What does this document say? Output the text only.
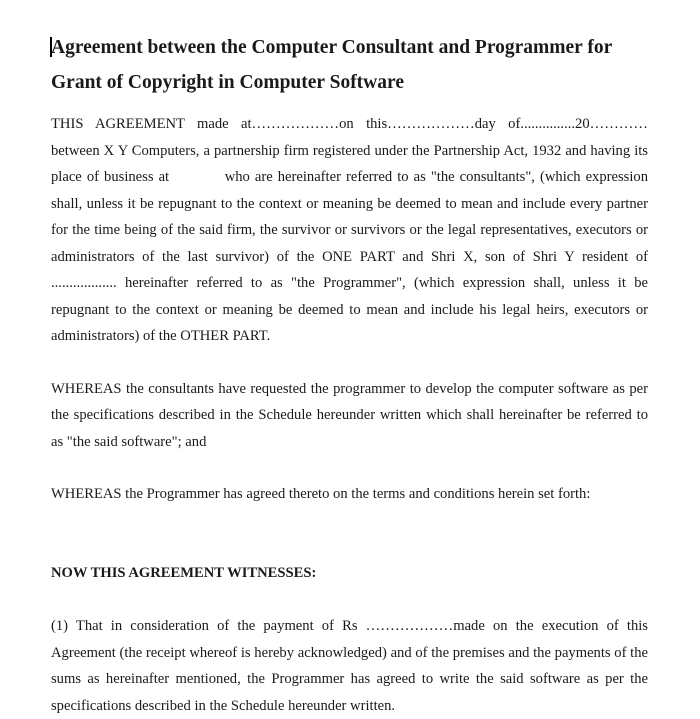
Agreement between the Computer Consultant and Programmer for
Grant of Copyright in Computer Software

THIS AGREEMENT made at………………on this………………day of...............20………… between X Y Computers, a partnership firm registered under the Partnership Act, 1932 and having its place of business at           who are hereinafter referred to as "the consultants", (which expression shall, unless it be repugnant to the context or meaning be deemed to mean and include every partner for the time being of the said firm, the survivor or survivors or the legal representatives, executors or administrators of the last survivor) of the ONE PART and Shri X, son of Shri Y resident of .................. hereinafter referred to as "the Programmer", (which expression shall, unless it be repugnant to the context or meaning be deemed to mean and include his legal heirs, executors or administrators) of the OTHER PART.

WHEREAS the consultants have requested the programmer to develop the computer software as per the specifications described in the Schedule hereunder written which shall hereinafter be referred to as "the said software"; and

WHEREAS the Programmer has agreed thereto on the terms and conditions herein set forth:

NOW THIS AGREEMENT WITNESSES:

(1) That in consideration of the payment of Rs ………………made on the execution of this Agreement (the receipt whereof is hereby acknowledged) and of the premises and the payments of the sums as hereinafter mentioned, the Programmer has agreed to write the said software as per the specifications described in the Schedule hereunder written.
